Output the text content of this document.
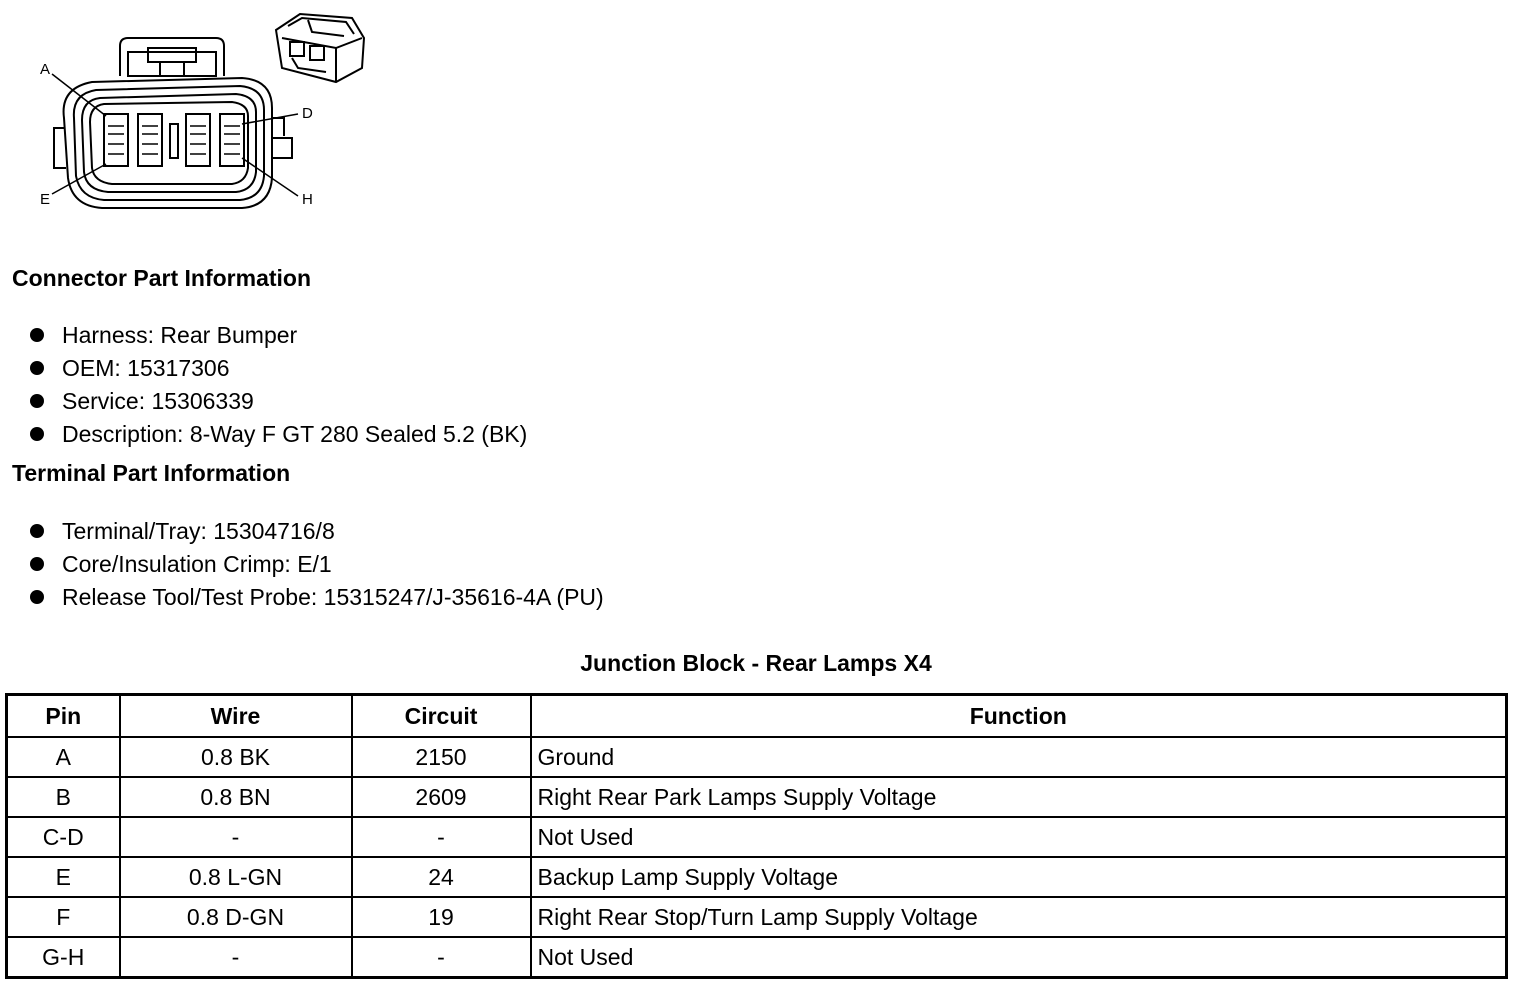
A
D
E	H
Connector Part Information
Harness: Rear Bumper
OEM: 15317306
Service: 15306339
Description: 8-Way F GT 280 Sealed 5.2 (BK)
Terminal Part Information
Terminal/Tray: 15304716/8
Core/Insulation Crimp: E/1
Release Tool/Test Probe: 15315247/J-35616-4A (PU)
Junction Block - Rear Lamps X4
Pin	Wire	Circuit	Function
A	0.8 BK	2150	Ground
B	0.8 BN	2609	Right Rear Park Lamps Supply Voltage
C-D	-	-	Not Used
E	0.8 L-GN	24	Backup Lamp Supply Voltage
F	0.8 D-GN	19	Right Rear Stop/Turn Lamp Supply Voltage
G-H	-	-	Not Used
